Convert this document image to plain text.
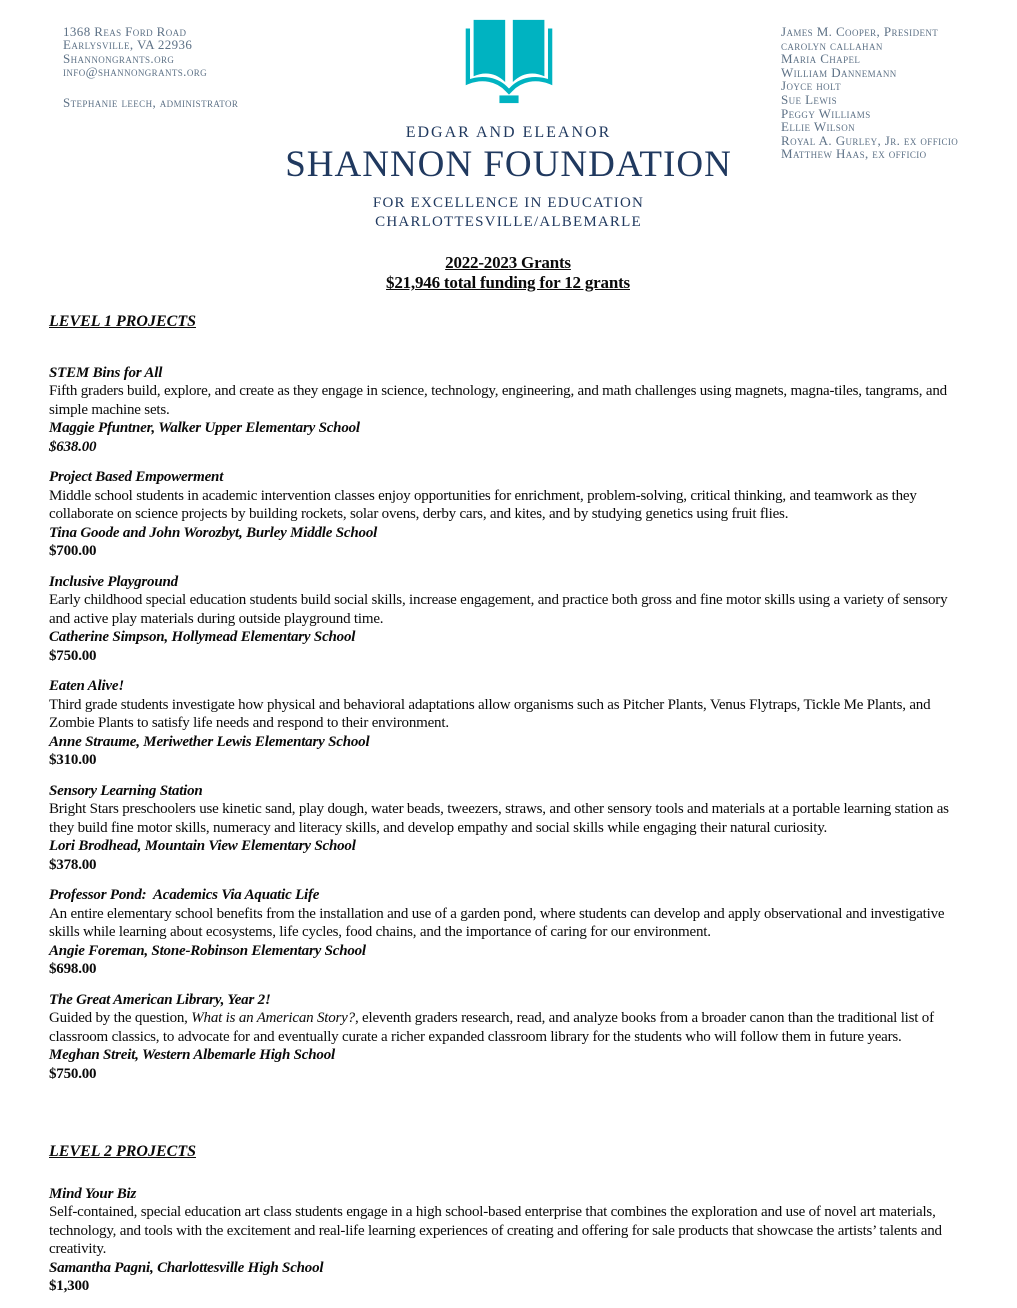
1368 Reas Ford Road
Earlysville, VA 22936
Shannongrants.org
info@shannongrants.org
Stephanie leech, administrator
James M. Cooper, President
carolyn callahan
Maria Chapel
William Dannemann
Joyce holt
Sue Lewis
Peggy Williams
Ellie Wilson
Royal A. Gurley, Jr. ex officio
Matthew Haas, ex officio
EDGAR AND ELEANOR
SHANNON FOUNDATION
FOR EXCELLENCE IN EDUCATION
CHARLOTTESVILLE/ALBEMARLE
2022-2023 Grants
$21,946 total funding for 12 grants
LEVEL 1 PROJECTS
STEM Bins for All

Fifth graders build, explore, and create as they engage in science, technology, engineering, and math challenges using magnets, magna-tiles, tangrams, and simple machine sets.

Maggie Pfuntner, Walker Upper Elementary School
$638.00
Project Based Empowerment

Middle school students in academic intervention classes enjoy opportunities for enrichment, problem-solving, critical thinking, and teamwork as they collaborate on science projects by building rockets, solar ovens, derby cars, and kites, and by studying genetics using fruit flies.

Tina Goode and John Worozbyt, Burley Middle School
$700.00
Inclusive Playground

Early childhood special education students build social skills, increase engagement, and practice both gross and fine motor skills using a variety of sensory and active play materials during outside playground time.

Catherine Simpson, Hollymead Elementary School
$750.00
Eaten Alive!

Third grade students investigate how physical and behavioral adaptations allow organisms such as Pitcher Plants, Venus Flytraps, Tickle Me Plants, and Zombie Plants to satisfy life needs and respond to their environment.

Anne Straume, Meriwether Lewis Elementary School
$310.00
Sensory Learning Station

Bright Stars preschoolers use kinetic sand, play dough, water beads, tweezers, straws, and other sensory tools and materials at a portable learning station as they build fine motor skills, numeracy and literacy skills, and develop empathy and social skills while engaging their natural curiosity.

Lori Brodhead, Mountain View Elementary School
$378.00
Professor Pond:  Academics Via Aquatic Life

An entire elementary school benefits from the installation and use of a garden pond, where students can develop and apply observational and investigative skills while learning about ecosystems, life cycles, food chains, and the importance of caring for our environment.

Angie Foreman, Stone-Robinson Elementary School
$698.00
The Great American Library, Year 2!

Guided by the question, What is an American Story?, eleventh graders research, read, and analyze books from a broader canon than the traditional list of classroom classics, to advocate for and eventually curate a richer expanded classroom library for the students who will follow them in future years.

Meghan Streit, Western Albemarle High School
$750.00
LEVEL 2 PROJECTS
Mind Your Biz

Self-contained, special education art class students engage in a high school-based enterprise that combines the exploration and use of novel art materials, technology, and tools with the excitement and real-life learning experiences of creating and offering for sale products that showcase the artists’ talents and creativity.

Samantha Pagni, Charlottesville High School
$1,300
